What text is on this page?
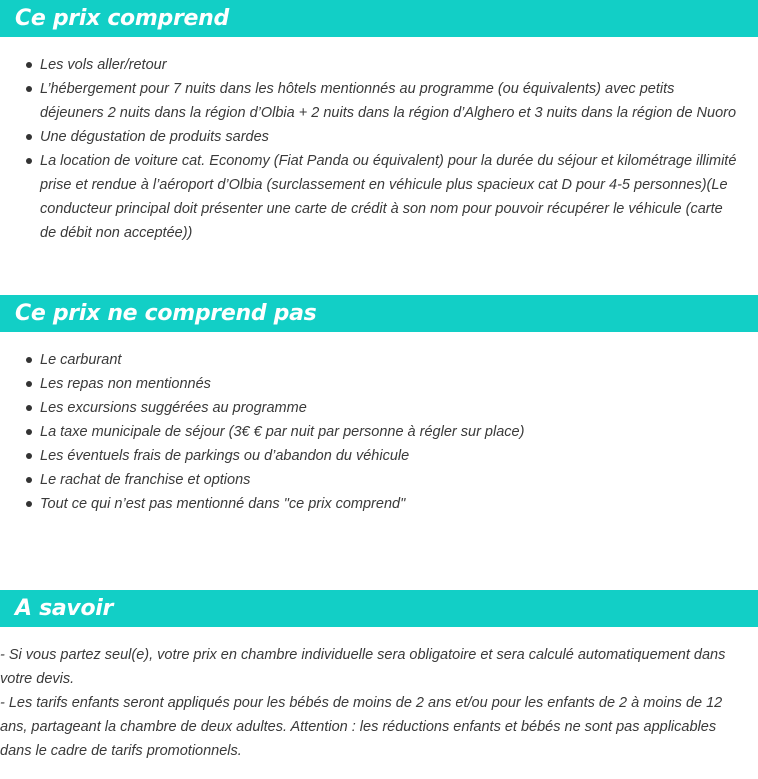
Ce prix comprend
Les vols aller/retour
L’hébergement pour 7 nuits dans les hôtels mentionnés au programme (ou équivalents) avec petits déjeuners 2 nuits dans la région d’Olbia + 2 nuits dans la région d’Alghero et 3 nuits dans la région de Nuoro
Une dégustation de produits sardes
La location de voiture cat. Economy (Fiat Panda ou équivalent) pour la durée du séjour et kilométrage illimité prise et rendue à l’aéroport d’Olbia (surclassement en véhicule plus spacieux cat D pour 4-5 personnes)(Le conducteur principal doit présenter une carte de crédit à son nom pour pouvoir récupérer le véhicule (carte de débit non acceptée))
Ce prix ne comprend pas
Le carburant
Les repas non mentionnés
Les excursions suggérées au programme
La taxe municipale de séjour (3€ € par nuit par personne à régler sur place)
Les éventuels frais de parkings ou d’abandon du véhicule
Le rachat de franchise et options
Tout ce qui n’est pas mentionné dans "ce prix comprend"
A savoir

- Si vous partez seul(e), votre prix en chambre individuelle sera obligatoire et sera calculé automatiquement dans votre devis.

- Les tarifs enfants seront appliqués pour les bébés de moins de 2 ans et/ou pour les enfants de 2 à moins de 12 ans, partageant la chambre de deux adultes. Attention : les réductions enfants et bébés ne sont pas applicables dans le cadre de tarifs promotionnels.
